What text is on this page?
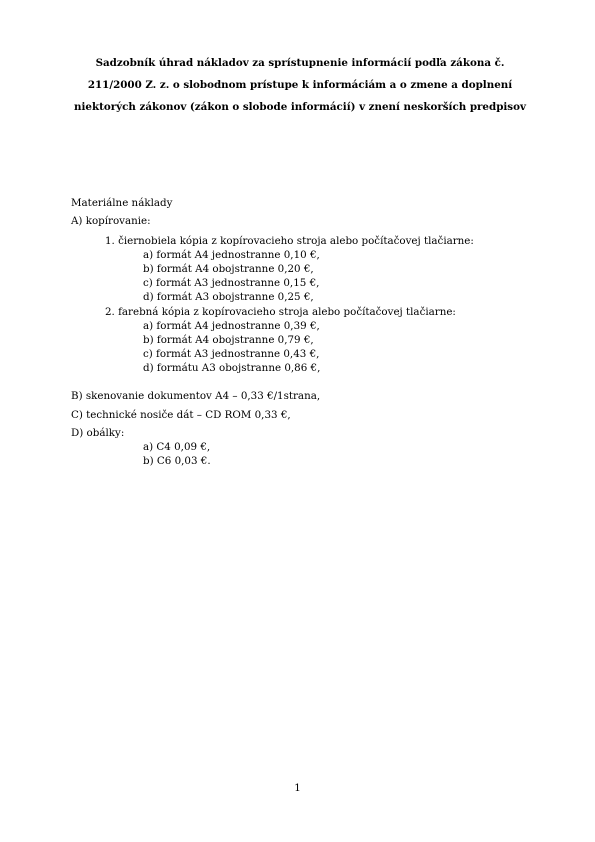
Sadzobník úhrad nákladov za sprístupnenie informácií podľa zákona č.
211/2000 Z. z. o slobodnom prístupe k informáciám a o zmene a doplnení
niektorých zákonov (zákon o slobode informácií) v znení neskorších predpisov
Materiálne náklady
A) kopírovanie:
1. čiernobiela kópia z kopírovacieho stroja alebo počítačovej tlačiarne:
a) formát A4 jednostranne 0,10 €,
b) formát A4 obojstranne 0,20 €,
c) formát A3 jednostranne 0,15 €,
d) formát A3 obojstranne 0,25 €,
2. farebná kópia z kopírovacieho stroja alebo počítačovej tlačiarne:
a) formát A4 jednostranne 0,39 €,
b) formát A4 obojstranne 0,79 €,
c) formát A3 jednostranne 0,43 €,
d) formátu A3 obojstranne 0,86 €,
B) skenovanie dokumentov A4 – 0,33 €/1strana,
C) technické nosiče dát – CD ROM 0,33 €,
D) obálky:
a) C4 0,09 €,
b) C6 0,03 €.
1
